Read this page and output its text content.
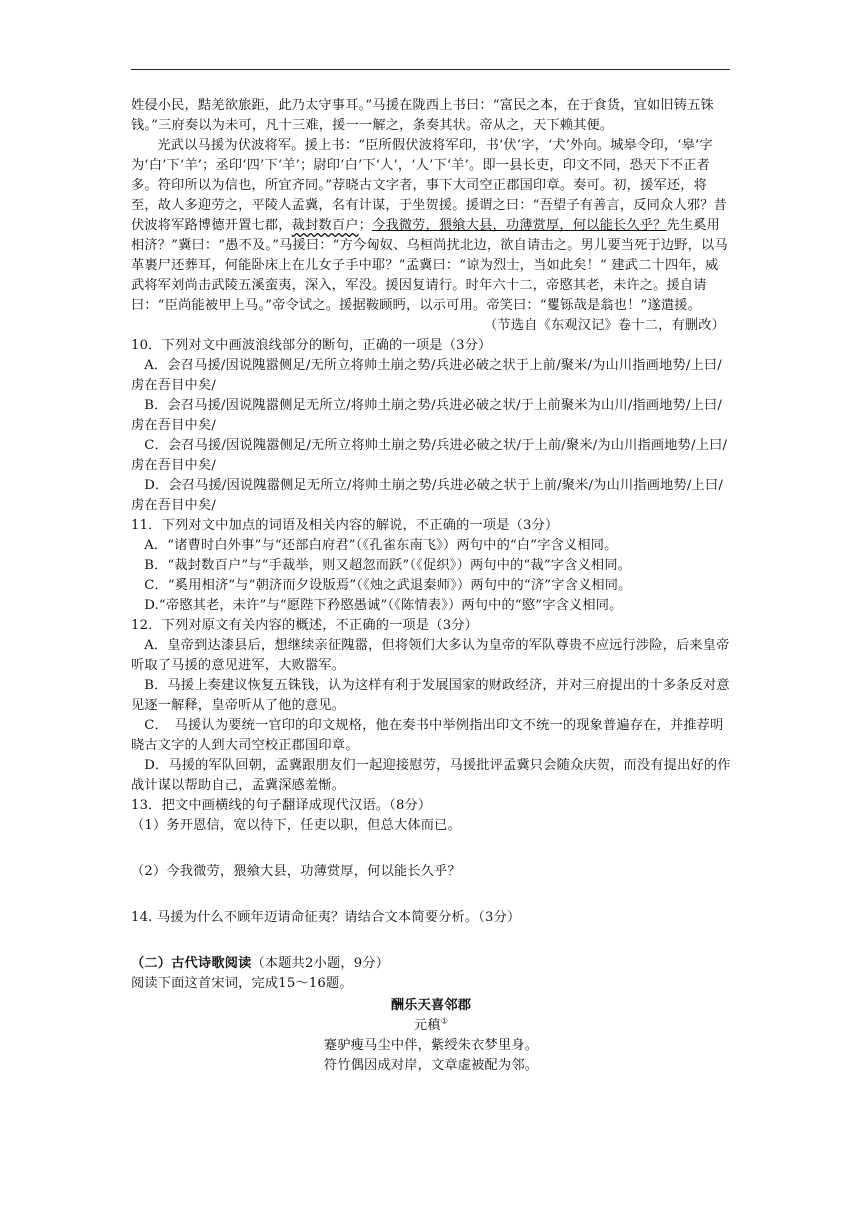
姓侵小民，黠羌欲旅距，此乃太守事耳。”马援在陇西上书曰：“富民之本，在于食货，宜如旧铸五铢钱。”三府奏以为未可，凡十三难，援一一解之，条奏其状。帝从之，天下赖其便。

光武以马援为伏波将军。援上书：“臣所假伏波将军印，书‘伏’字，‘犬’外向。城皋令印，‘皋’字为‘白’下‘羊’；丞印‘四’下‘羊’；尉印‘白’下‘人’，‘人’下‘羊’。即一县长吏，印文不同，恐天下不正者多。符印所以为信也，所宜齐同。”荐晓古文字者，事下大司空正郡国印章。奏可。初，援军还，将至，故人多迎劳之，平陵人孟冀，名有计谋，于坐贺援。援谓之曰：“吾望子有善言，反同众人邪？昔伏波将军路博德开置七郡，裁封数百户；今我微劳，猥飨大县，功薄赏厚，何以能长久乎？先生奚用相济？”冀曰：“愚不及。”马援曰：“方今匈奴、乌桓尚扰北边，欲自请击之。男儿要当死于边野，以马革裹尸还葬耳，何能卧床上在儿女子手中耶？”孟冀曰：“谅为烈士，当如此矣！” 建武二十四年，威武将军刘尚击武陵五溪蛮夷，深入，军没。援因复请行。时年六十二，帝愍其老，未许之。援自请曰：“臣尚能被甲上马。”帝令试之。援据鞍顾眄，以示可用。帝笑曰：“矍铄哉是翁也！”遂遣援。

（节选自《东观汉记》卷十二，有删改）

10．下列对文中画波浪线部分的断句，正确的一项是（3分）

A．会召马援/因说隗嚣侧足/无所立将帅土崩之势/兵进必破之状于上前/聚米/为山川指画地势/上曰/虏在吾目中矣/

B．会召马援/因说隗嚣侧足无所立/将帅土崩之势/兵进必破之状/于上前聚米为山川/指画地势/上曰/虏在吾目中矣/

C．会召马援/因说隗嚣侧足/无所立将帅土崩之势/兵进必破之状/于上前/聚米/为山川指画地势/上曰/虏在吾目中矣/

D．会召马援/因说隗嚣侧足无所立/将帅土崩之势/兵进必破之状于上前/聚米/为山川指画地势/上曰/虏在吾目中矣/

11．下列对文中加点的词语及相关内容的解说，不正确的一项是（3分）

A．“诸曹时白外事”与“还部白府君”（《孔雀东南飞》）两句中的“白”字含义相同。

B．“裁封数百户”与“手裁举，则又超忽而跃”（《促织》）两句中的“裁”字含义相同。

C．“奚用相济”与“朝济而夕设版焉”（《烛之武退秦师》）两句中的“济”字含义相同。

D.“帝愍其老，未许”与“愿陛下矜愍愚诚”（《陈情表》）两句中的“愍”字含义相同。

12．下列对原文有关内容的概述，不正确的一项是（3分）

A．皇帝到达漆县后，想继续亲征隗嚣，但将领们大多认为皇帝的军队尊贵不应远行涉险，后来皇帝听取了马援的意见进军，大败嚣军。

B．马援上奏建议恢复五铢钱，认为这样有利于发展国家的财政经济，并对三府提出的十多条反对意见逐一解释，皇帝听从了他的意见。

C．　马援认为要统一官印的印文规格，他在奏书中举例指出印文不统一的现象普遍存在，并推荐明晓古文字的人到大司空校正郡国印章。

D．马援的军队回朝，孟冀跟朋友们一起迎接慰劳，马援批评孟冀只会随众庆贺，而没有提出好的作战计谋以帮助自己，孟冀深感羞惭。

13．把文中画横线的句子翻译成现代汉语。（8分）

（1）务开恩信，宽以待下，任吏以职，但总大体而已。

（2）今我微劳，猥飨大县，功薄赏厚，何以能长久乎？

14. 马援为什么不顾年迈请命征夷？请结合文本简要分析。（3分）

（二）古代诗歌阅读（本题共2小题，9分）

阅读下面这首宋词，完成15～16题。

酬乐天喜邻郡

元稹①

蹇驴瘦马尘中伴，紫绶朱衣梦里身。

符竹偶因成对岸，文章虚被配为邻。
